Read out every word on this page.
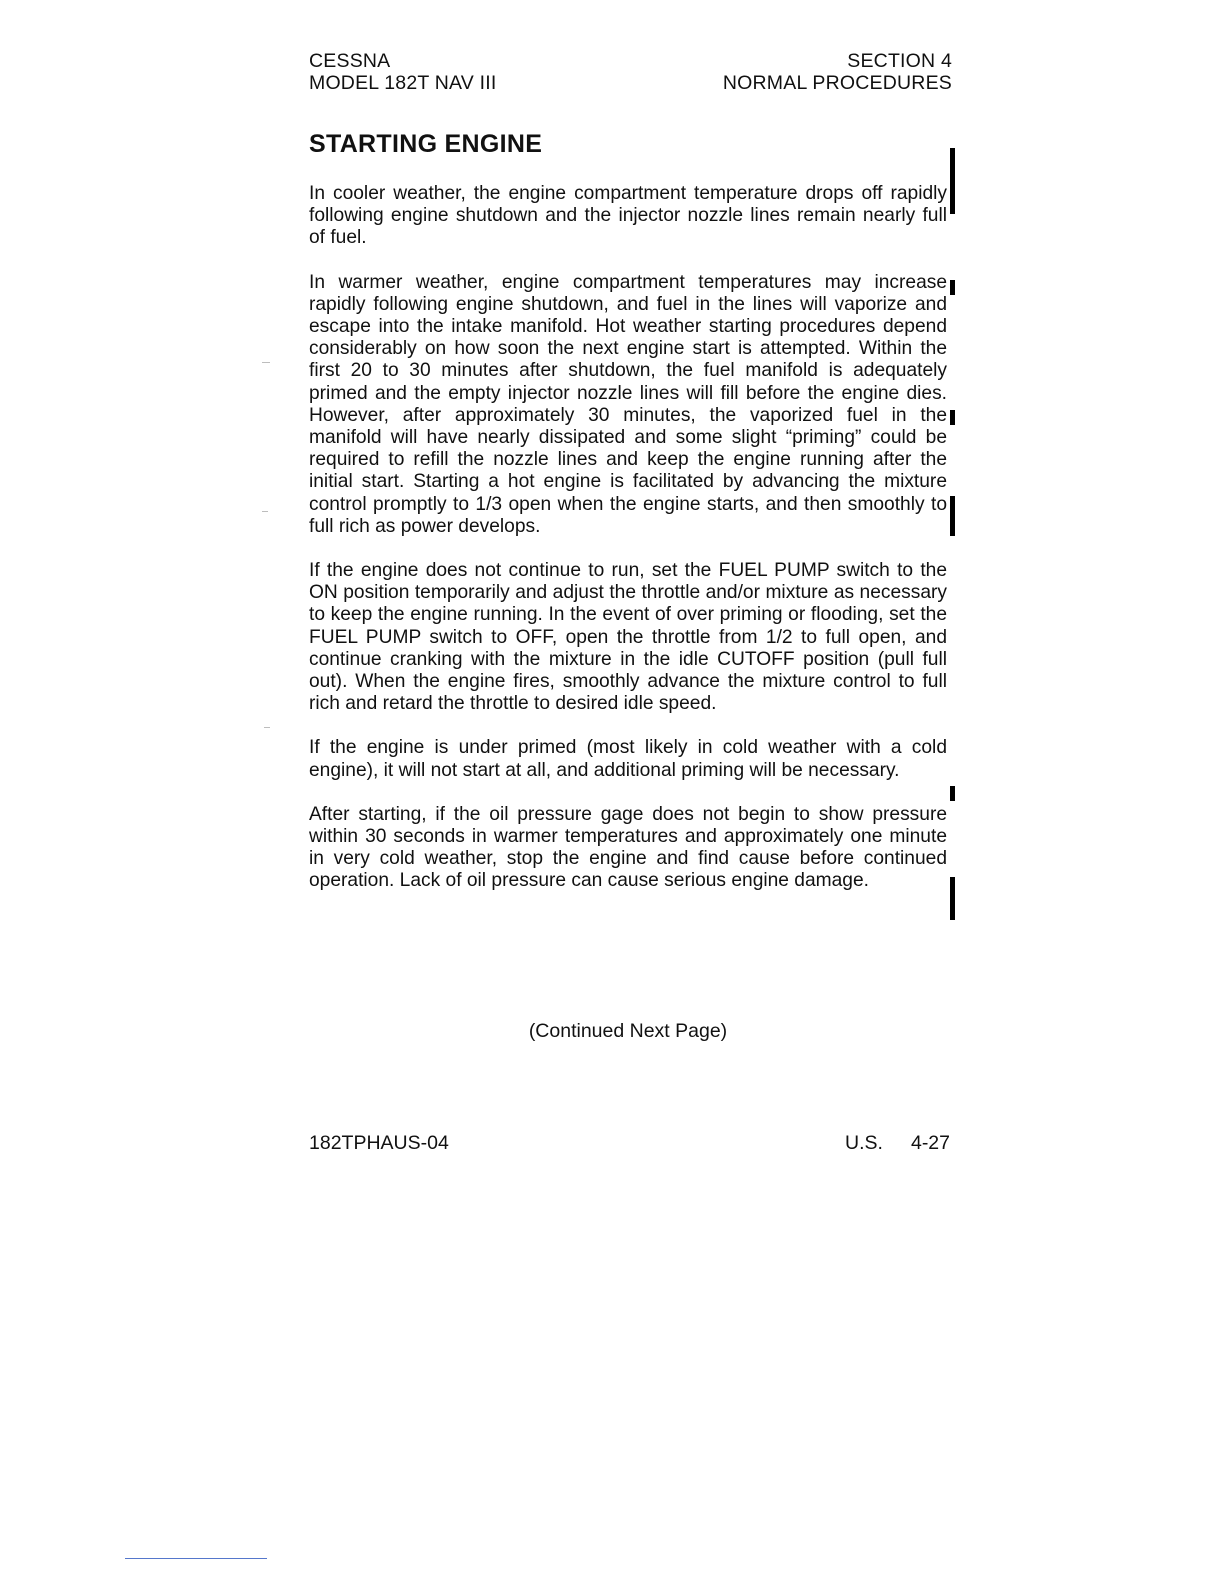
CESSNA
MODEL 182T NAV III
SECTION 4
NORMAL PROCEDURES
STARTING ENGINE

In cooler weather, the engine compartment temperature drops off rapidly following engine shutdown and the injector nozzle lines remain nearly full of fuel.

In warmer weather, engine compartment temperatures may increase rapidly following engine shutdown, and fuel in the lines will vaporize and escape into the intake manifold. Hot weather starting procedures depend considerably on how soon the next engine start is attempted. Within the first 20 to 30 minutes after shutdown, the fuel manifold is adequately primed and the empty injector nozzle lines will fill before the engine dies. However, after approximately 30 minutes, the vaporized fuel in the manifold will have nearly dissipated and some slight “priming” could be required to refill the nozzle lines and keep the engine running after the initial start. Starting a hot engine is facilitated by advancing the mixture control promptly to 1/3 open when the engine starts, and then smoothly to full rich as power develops.

If the engine does not continue to run, set the FUEL PUMP switch to the ON position temporarily and adjust the throttle and/or mixture as necessary to keep the engine running. In the event of over priming or flooding, set the FUEL PUMP switch to OFF, open the throttle from 1/2 to full open, and continue cranking with the mixture in the idle CUTOFF position (pull full out). When the engine fires, smoothly advance the mixture control to full rich and retard the throttle to desired idle speed.

If the engine is under primed (most likely in cold weather with a cold engine), it will not start at all, and additional priming will be necessary.

After starting, if the oil pressure gage does not begin to show pressure within 30 seconds in warmer temperatures and approximately one minute in very cold weather, stop the engine and find cause before continued operation. Lack of oil pressure can cause serious engine damage.

(Continued Next Page)
182TPHAUS-04	U.S. 4-27
